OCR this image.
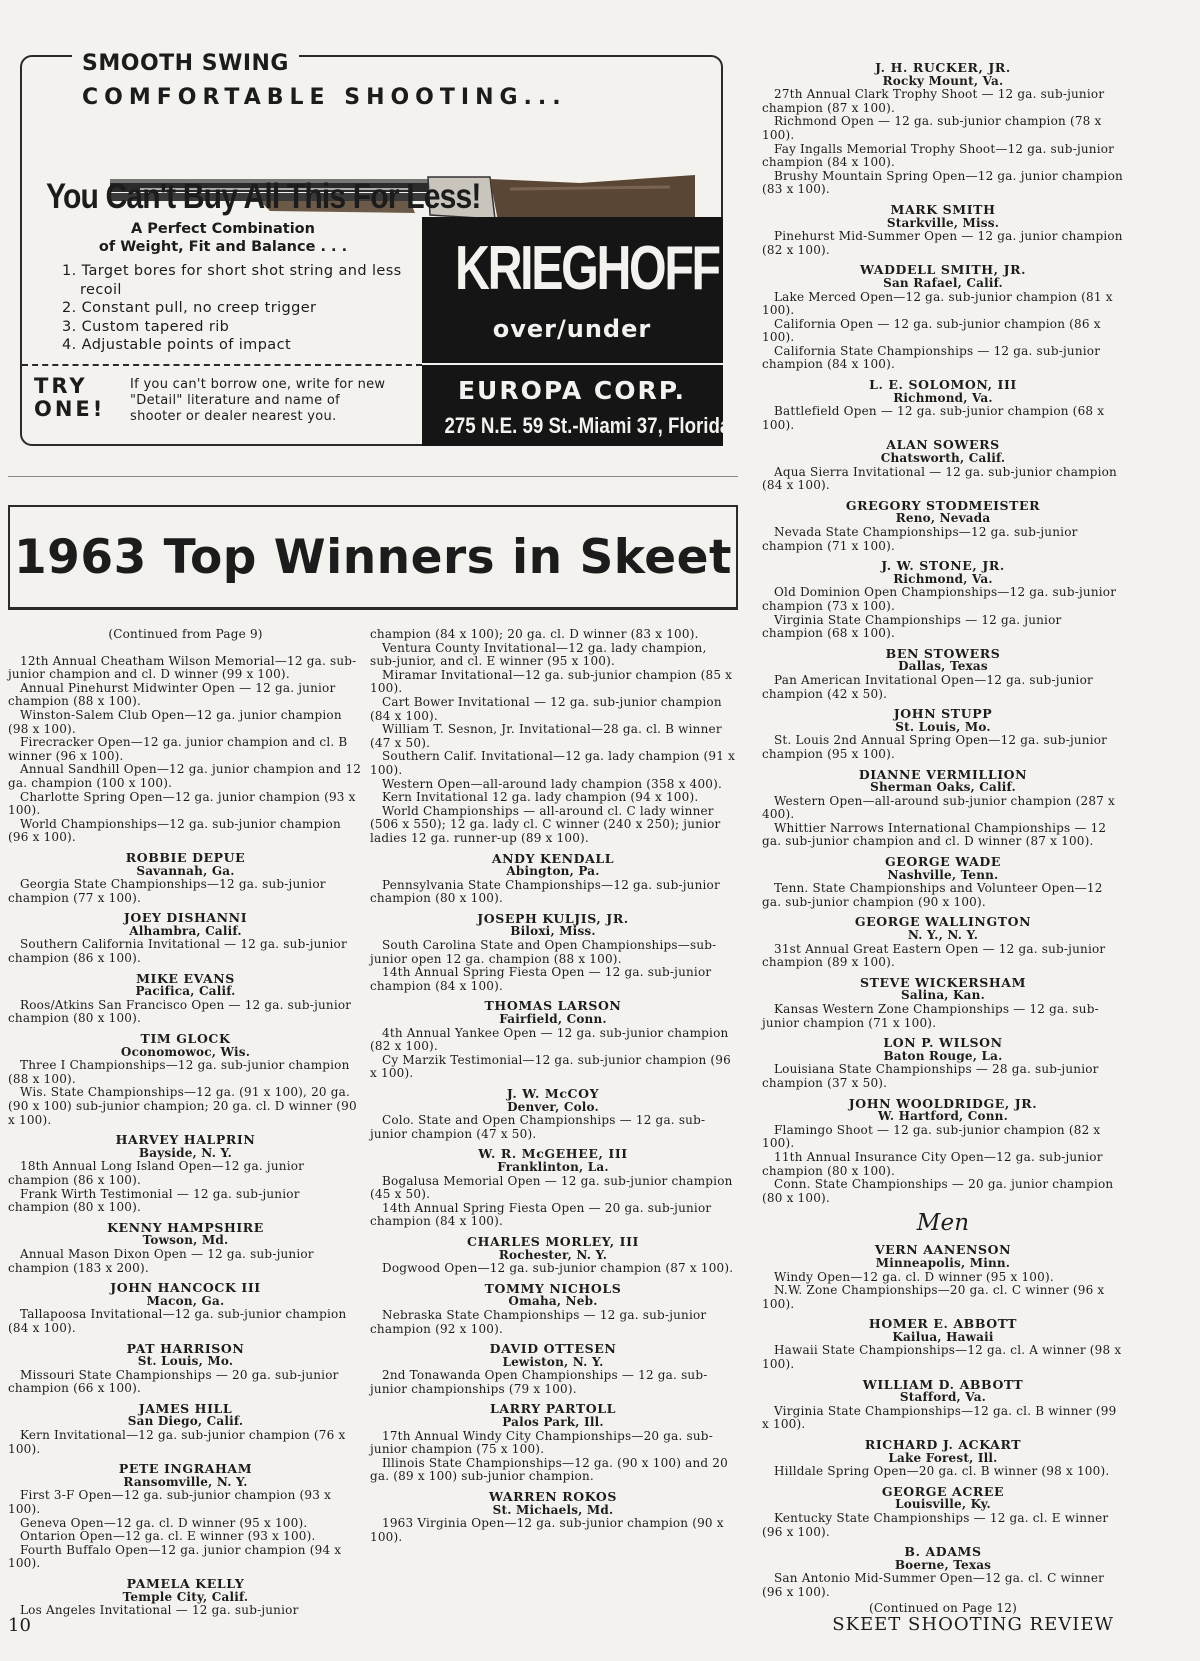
SMOOTH SWING
COMFORTABLE SHOOTING...
You Can't Buy All This For Less!
A Perfect Combination
of Weight, Fit and Balance . . .
1. Target bores for short shot string and less recoil
2. Constant pull, no creep trigger
3. Custom tapered rib
4. Adjustable points of impact
TRY
ONE!
If you can't borrow one, write for new "Detail" literature and name of shooter or dealer nearest you.
KRIEGHOFF 32
over/under
EUROPA CORP.
275 N.E. 59 St.-Miami 37, Florida
1963 Top Winners in Skeet

(Continued from Page 9)

12th Annual Cheatham Wilson Memorial—12 ga. sub-junior champion and cl. D winner (99 x 100).

Annual Pinehurst Midwinter Open — 12 ga. junior champion (88 x 100).

Winston-Salem Club Open—12 ga. junior champion (98 x 100).

Firecracker Open—12 ga. junior champion and cl. B winner (96 x 100).

Annual Sandhill Open—12 ga. junior champion and 12 ga. champion (100 x 100).

Charlotte Spring Open—12 ga. junior champion (93 x 100).

World Championships—12 ga. sub-junior champion (96 x 100).

ROBBIE DEPUE

Savannah, Ga.

Georgia State Championships—12 ga. sub-junior champion (77 x 100).

JOEY DISHANNI

Alhambra, Calif.

Southern California Invitational — 12 ga. sub-junior champion (86 x 100).

MIKE EVANS

Pacifica, Calif.

Roos/Atkins San Francisco Open — 12 ga. sub-junior champion (80 x 100).

TIM GLOCK

Oconomowoc, Wis.

Three I Championships—12 ga. sub-junior champion (88 x 100).

Wis. State Championships—12 ga. (91 x 100), 20 ga. (90 x 100) sub-junior champion; 20 ga. cl. D winner (90 x 100).

HARVEY HALPRIN

Bayside, N. Y.

18th Annual Long Island Open—12 ga. junior champion (86 x 100).

Frank Wirth Testimonial — 12 ga. sub-junior champion (80 x 100).

KENNY HAMPSHIRE

Towson, Md.

Annual Mason Dixon Open — 12 ga. sub-junior champion (183 x 200).

JOHN HANCOCK III

Macon, Ga.

Tallapoosa Invitational—12 ga. sub-junior champion (84 x 100).

PAT HARRISON

St. Louis, Mo.

Missouri State Championships — 20 ga. sub-junior champion (66 x 100).

JAMES HILL

San Diego, Calif.

Kern Invitational—12 ga. sub-junior champion (76 x 100).

PETE INGRAHAM

Ransomville, N. Y.

First 3-F Open—12 ga. sub-junior champion (93 x 100).

Geneva Open—12 ga. cl. D winner (95 x 100).

Ontarion Open—12 ga. cl. E winner (93 x 100).

Fourth Buffalo Open—12 ga. junior champion (94 x 100).

PAMELA KELLY

Temple City, Calif.

Los Angeles Invitational — 12 ga. sub-junior

champion (84 x 100); 20 ga. cl. D winner (83 x 100).

Ventura County Invitational—12 ga. lady champion, sub-junior, and cl. E winner (95 x 100).

Miramar Invitational—12 ga. sub-junior champion (85 x 100).

Cart Bower Invitational — 12 ga. sub-junior champion (84 x 100).

William T. Sesnon, Jr. Invitational—28 ga. cl. B winner (47 x 50).

Southern Calif. Invitational—12 ga. lady champion (91 x 100).

Western Open—all-around lady champion (358 x 400).

Kern Invitational 12 ga. lady champion (94 x 100).

World Championships — all-around cl. C lady winner (506 x 550); 12 ga. lady cl. C winner (240 x 250); junior ladies 12 ga. runner-up (89 x 100).

ANDY KENDALL

Abington, Pa.

Pennsylvania State Championships—12 ga. sub-junior champion (80 x 100).

JOSEPH KULJIS, JR.

Biloxi, Miss.

South Carolina State and Open Championships—sub-junior open 12 ga. champion (88 x 100).

14th Annual Spring Fiesta Open — 12 ga. sub-junior champion (84 x 100).

THOMAS LARSON

Fairfield, Conn.

4th Annual Yankee Open — 12 ga. sub-junior champion (82 x 100).

Cy Marzik Testimonial—12 ga. sub-junior champion (96 x 100).

J. W. McCOY

Denver, Colo.

Colo. State and Open Championships — 12 ga. sub-junior champion (47 x 50).

W. R. McGEHEE, III

Franklinton, La.

Bogalusa Memorial Open — 12 ga. sub-junior champion (45 x 50).

14th Annual Spring Fiesta Open — 20 ga. sub-junior champion (84 x 100).

CHARLES MORLEY, III

Rochester, N. Y.

Dogwood Open—12 ga. sub-junior champion (87 x 100).

TOMMY NICHOLS

Omaha, Neb.

Nebraska State Championships — 12 ga. sub-junior champion (92 x 100).

DAVID OTTESEN

Lewiston, N. Y.

2nd Tonawanda Open Championships — 12 ga. sub-junior championships (79 x 100).

LARRY PARTOLL

Palos Park, Ill.

17th Annual Windy City Championships—20 ga. sub-junior champion (75 x 100).

Illinois State Championships—12 ga. (90 x 100) and 20 ga. (89 x 100) sub-junior champion.

WARREN ROKOS

St. Michaels, Md.

1963 Virginia Open—12 ga. sub-junior champion (90 x 100).

J. H. RUCKER, JR.

Rocky Mount, Va.

27th Annual Clark Trophy Shoot — 12 ga. sub-junior champion (87 x 100).

Richmond Open — 12 ga. sub-junior champion (78 x 100).

Fay Ingalls Memorial Trophy Shoot—12 ga. sub-junior champion (84 x 100).

Brushy Mountain Spring Open—12 ga. junior champion (83 x 100).

MARK SMITH

Starkville, Miss.

Pinehurst Mid-Summer Open — 12 ga. junior champion (82 x 100).

WADDELL SMITH, JR.

San Rafael, Calif.

Lake Merced Open—12 ga. sub-junior champion (81 x 100).

California Open — 12 ga. sub-junior champion (86 x 100).

California State Championships — 12 ga. sub-junior champion (84 x 100).

L. E. SOLOMON, III

Richmond, Va.

Battlefield Open — 12 ga. sub-junior champion (68 x 100).

ALAN SOWERS

Chatsworth, Calif.

Aqua Sierra Invitational — 12 ga. sub-junior champion (84 x 100).

GREGORY STODMEISTER

Reno, Nevada

Nevada State Championships—12 ga. sub-junior champion (71 x 100).

J. W. STONE, JR.

Richmond, Va.

Old Dominion Open Championships—12 ga. sub-junior champion (73 x 100).

Virginia State Championships — 12 ga. junior champion (68 x 100).

BEN STOWERS

Dallas, Texas

Pan American Invitational Open—12 ga. sub-junior champion (42 x 50).

JOHN STUPP

St. Louis, Mo.

St. Louis 2nd Annual Spring Open—12 ga. sub-junior champion (95 x 100).

DIANNE VERMILLION

Sherman Oaks, Calif.

Western Open—all-around sub-junior champion (287 x 400).

Whittier Narrows International Championships — 12 ga. sub-junior champion and cl. D winner (87 x 100).

GEORGE WADE

Nashville, Tenn.

Tenn. State Championships and Volunteer Open—12 ga. sub-junior champion (90 x 100).

GEORGE WALLINGTON

N. Y., N. Y.

31st Annual Great Eastern Open — 12 ga. sub-junior champion (89 x 100).

STEVE WICKERSHAM

Salina, Kan.

Kansas Western Zone Championships — 12 ga. sub-junior champion (71 x 100).

LON P. WILSON

Baton Rouge, La.

Louisiana State Championships — 28 ga. sub-junior champion (37 x 50).

JOHN WOOLDRIDGE, JR.

W. Hartford, Conn.

Flamingo Shoot — 12 ga. sub-junior champion (82 x 100).

11th Annual Insurance City Open—12 ga. sub-junior champion (80 x 100).

Conn. State Championships — 20 ga. junior champion (80 x 100).

Men

VERN AANENSON

Minneapolis, Minn.

Windy Open—12 ga. cl. D winner (95 x 100).

N.W. Zone Championships—20 ga. cl. C winner (96 x 100).

HOMER E. ABBOTT

Kailua, Hawaii

Hawaii State Championships—12 ga. cl. A winner (98 x 100).

WILLIAM D. ABBOTT

Stafford, Va.

Virginia State Championships—12 ga. cl. B winner (99 x 100).

RICHARD J. ACKART

Lake Forest, Ill.

Hilldale Spring Open—20 ga. cl. B winner (98 x 100).

GEORGE ACREE

Louisville, Ky.

Kentucky State Championships — 12 ga. cl. E winner (96 x 100).

B. ADAMS

Boerne, Texas

San Antonio Mid-Summer Open—12 ga. cl. C winner (96 x 100).

(Continued on Page 12)

10	SKEET SHOOTING REVIEW
